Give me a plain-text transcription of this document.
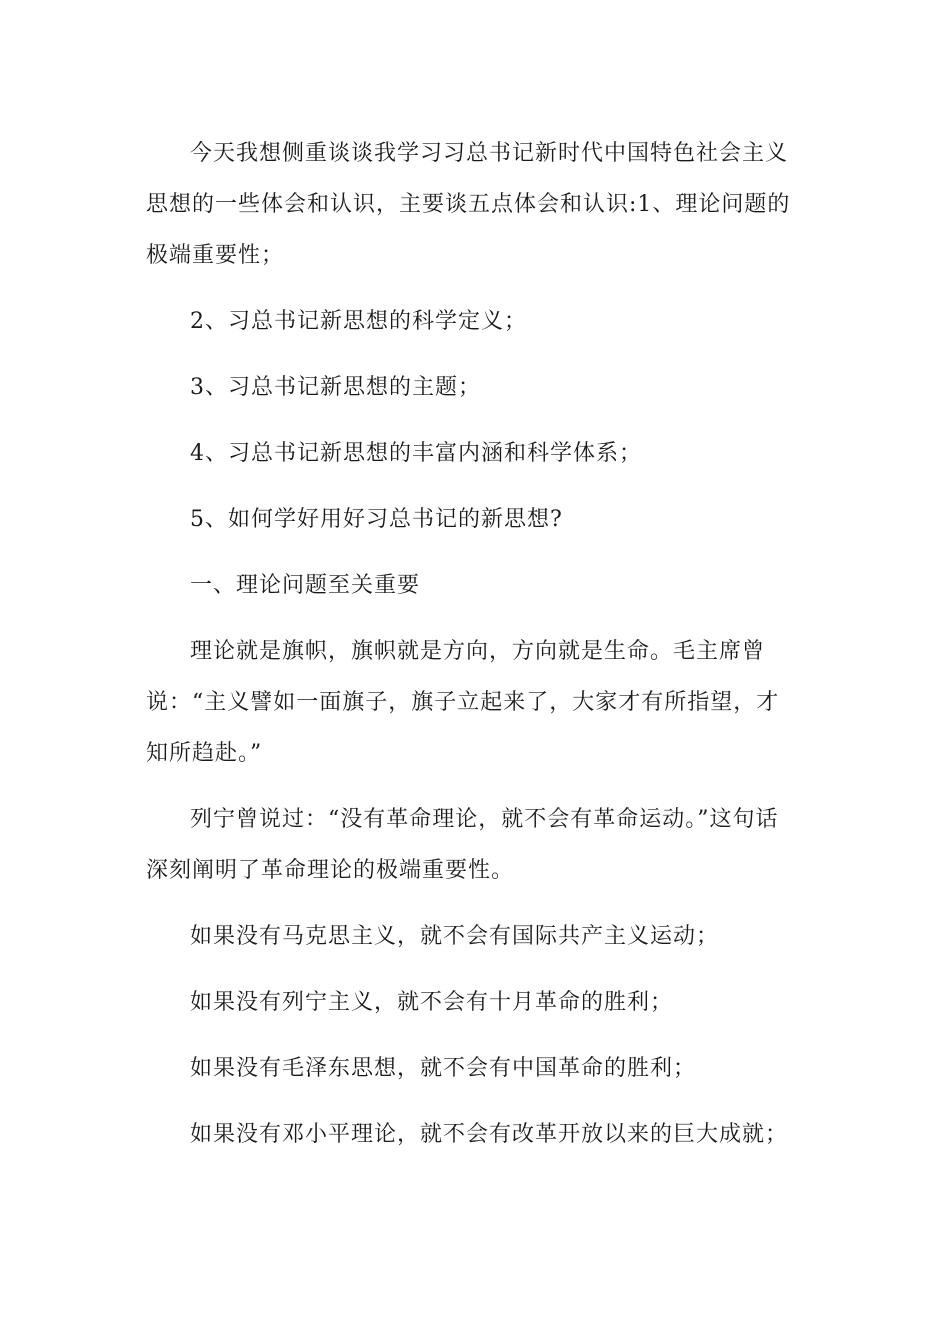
今天我想侧重谈谈我学习习总书记新时代中国特色社会主义思想的一些体会和认识，主要谈五点体会和认识:1、理论问题的极端重要性；

2、习总书记新思想的科学定义；

3、习总书记新思想的主题；

4、习总书记新思想的丰富内涵和科学体系；

5、如何学好用好习总书记的新思想?

一、理论问题至关重要

理论就是旗帜，旗帜就是方向，方向就是生命。毛主席曾说：“主义譬如一面旗子，旗子立起来了，大家才有所指望，才知所趋赴。”

列宁曾说过：“没有革命理论，就不会有革命运动。”这句话深刻阐明了革命理论的极端重要性。

如果没有马克思主义，就不会有国际共产主义运动；

如果没有列宁主义，就不会有十月革命的胜利；

如果没有毛泽东思想，就不会有中国革命的胜利；

如果没有邓小平理论，就不会有改革开放以来的巨大成就；
